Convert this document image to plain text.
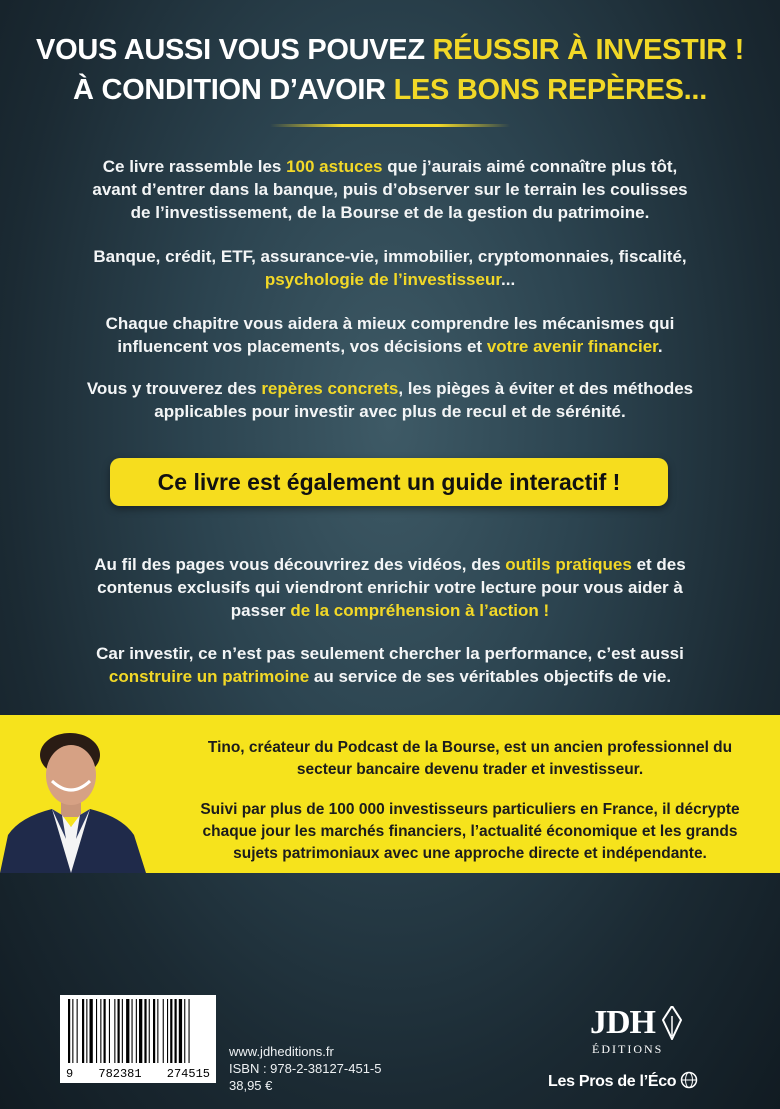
VOUS AUSSI VOUS POUVEZ RÉUSSIR À INVESTIR !
À CONDITION D’AVOIR LES BONS REPÈRES...
Ce livre rassemble les 100 astuces que j’aurais aimé connaître plus tôt,
avant d’entrer dans la banque, puis d’observer sur le terrain les coulisses
de l’investissement, de la Bourse et de la gestion du patrimoine.
Banque, crédit, ETF, assurance-vie, immobilier, cryptomonnaies, fiscalité,
psychologie de l’investisseur...
Chaque chapitre vous aidera à mieux comprendre les mécanismes qui
influencent vos placements, vos décisions et votre avenir financier.
Vous y trouverez des repères concrets, les pièges à éviter et des méthodes
applicables pour investir avec plus de recul et de sérénité.
Ce livre est également un guide interactif !
Au fil des pages vous découvrirez des vidéos, des outils pratiques et des
contenus exclusifs qui viendront enrichir votre lecture pour vous aider à
passer de la compréhension à l’action !
Car investir, ce n’est pas seulement chercher la performance, c’est aussi
construire un patrimoine au service de ses véritables objectifs de vie.
Tino, créateur du Podcast de la Bourse, est un ancien professionnel du
secteur bancaire devenu trader et investisseur.
Suivi par plus de 100 000 investisseurs particuliers en France, il décrypte
chaque jour les marchés financiers, l’actualité économique et les grands
sujets patrimoniaux avec une approche directe et indépendante.
9 782381 274515
www.jdheditions.fr
ISBN : 978-2-38127-451-5
38,95 €
JDH
ÉDITIONS
Les Pros de l’Éco
